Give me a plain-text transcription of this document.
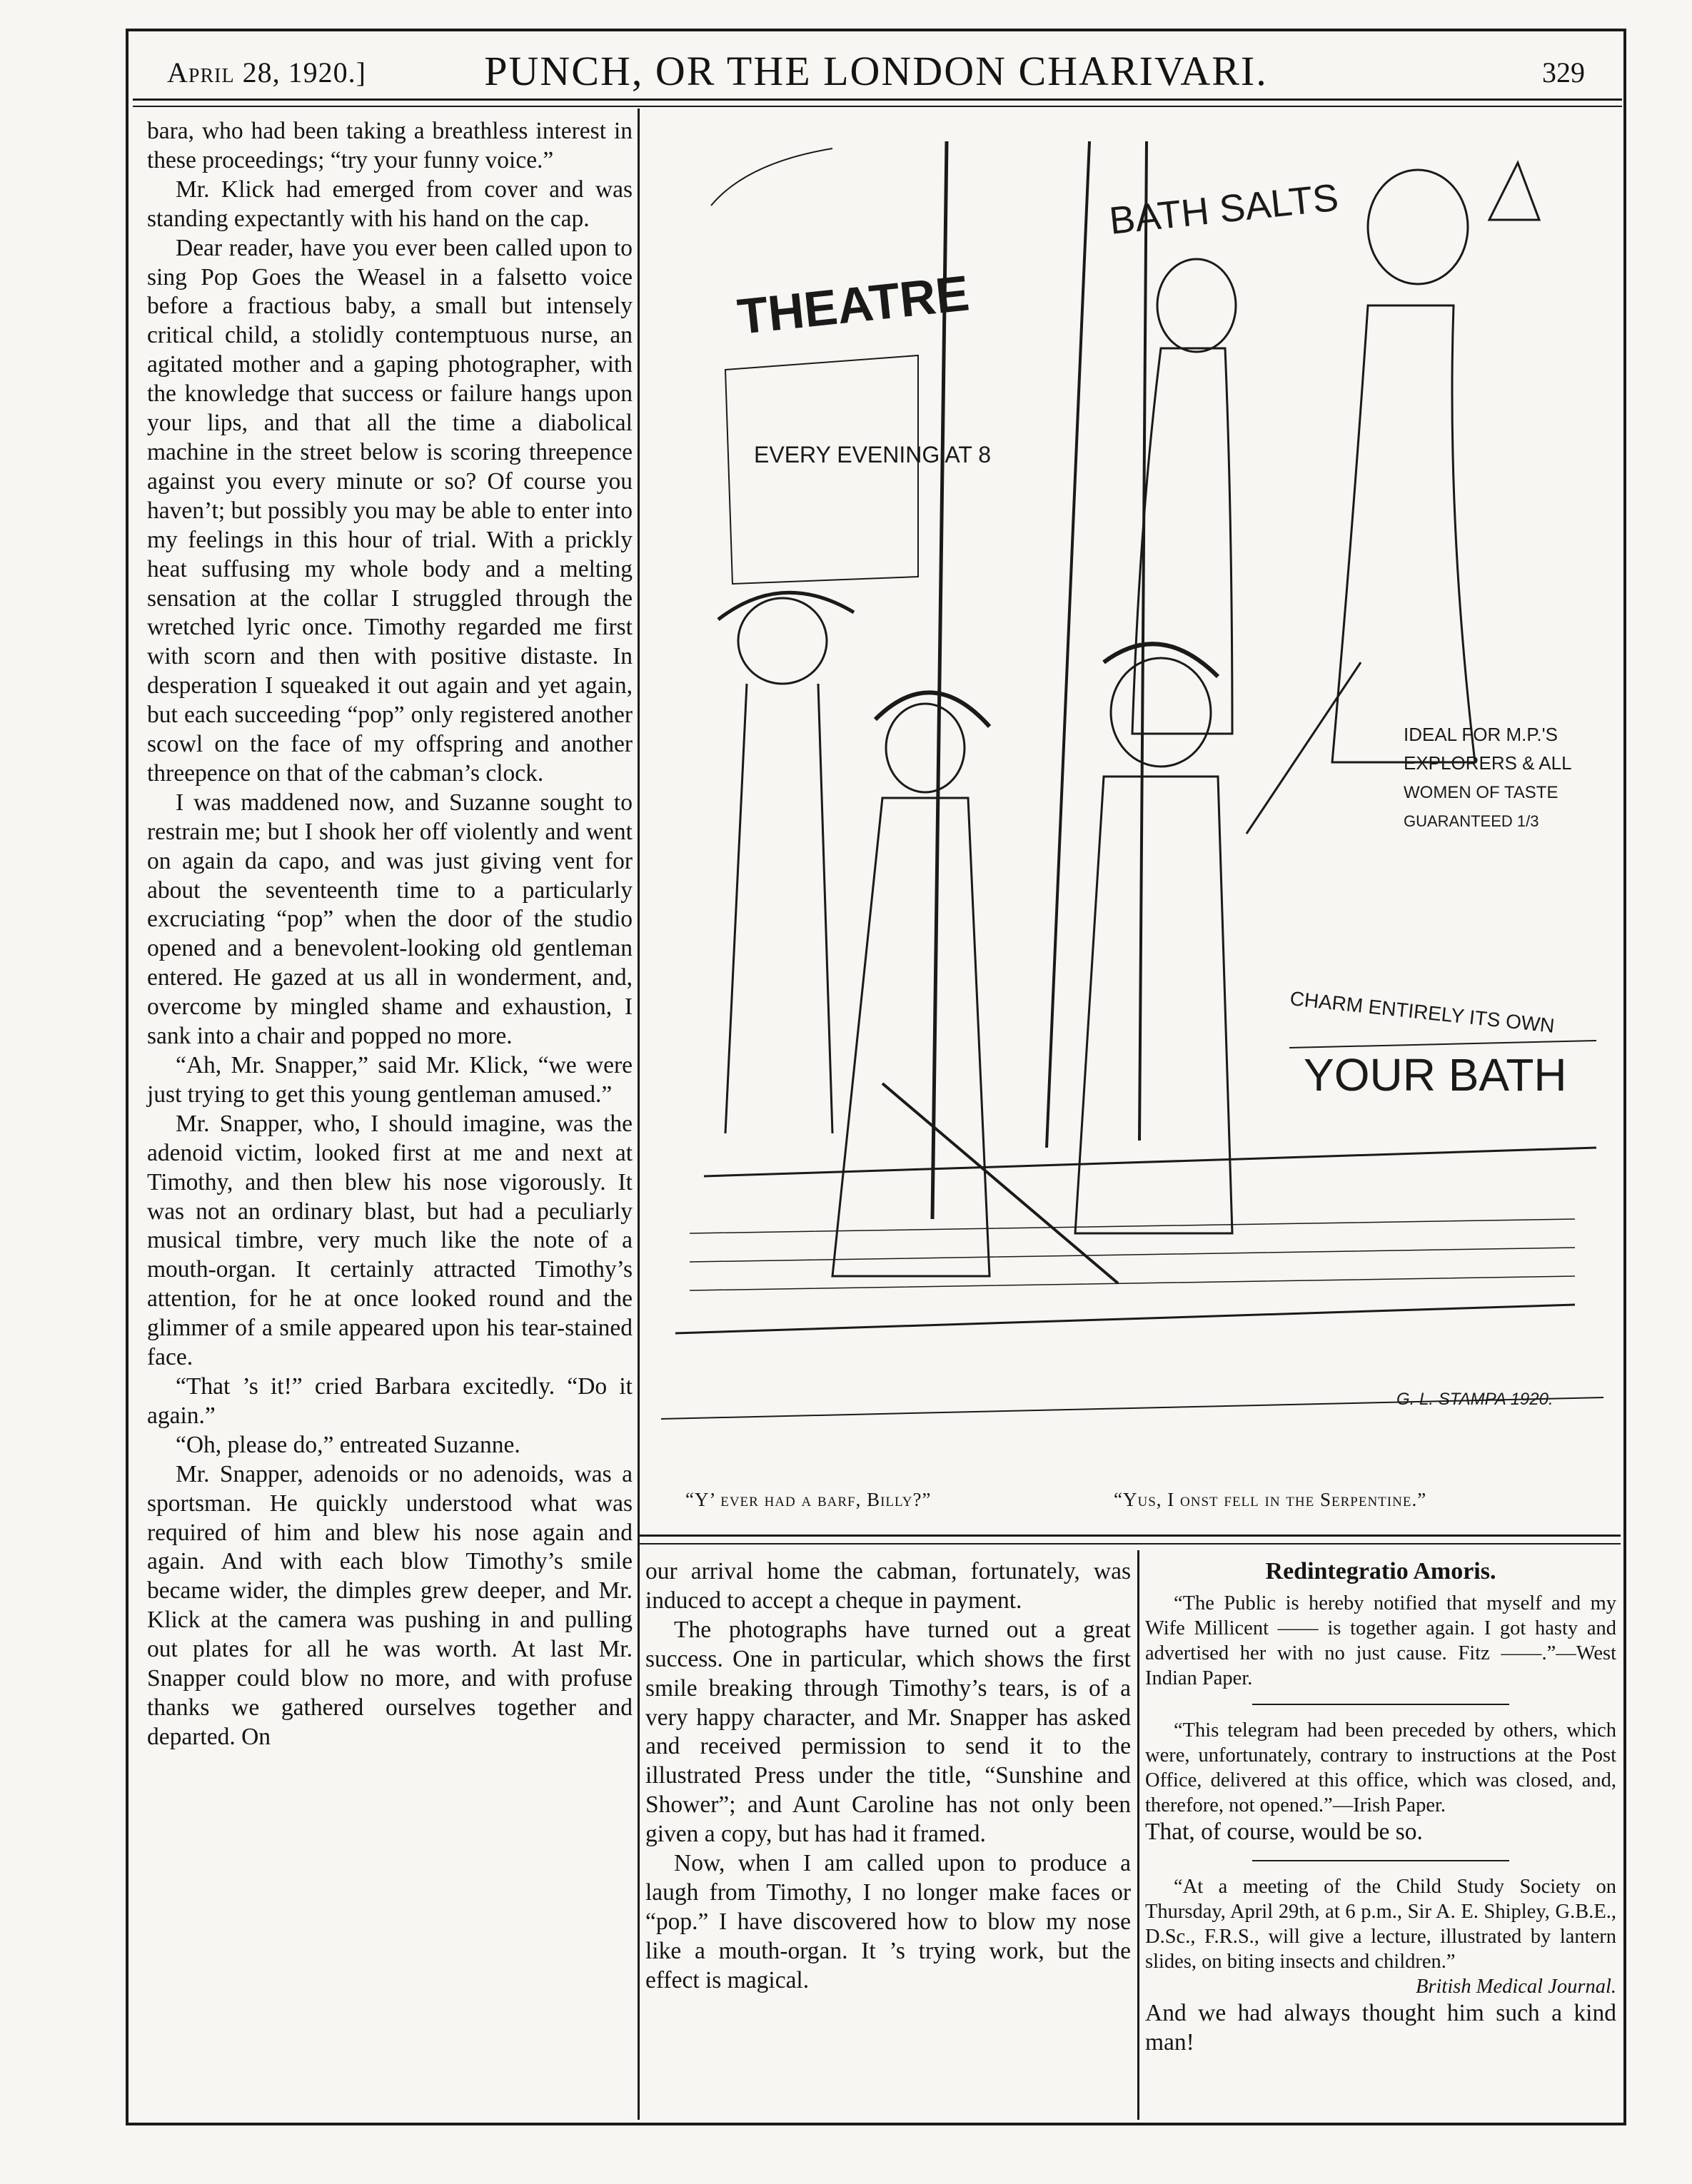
April 28, 1920.]	PUNCH, OR THE LONDON CHARIVARI.	329

bara, who had been taking a breathless interest in these proceedings; “try your funny voice.”

Mr. Klick had emerged from cover and was standing expectantly with his hand on the cap.

Dear reader, have you ever been called upon to sing Pop Goes the Weasel in a falsetto voice before a fractious baby, a small but intensely critical child, a stolidly contemptuous nurse, an agitated mother and a gaping photographer, with the knowledge that success or failure hangs upon your lips, and that all the time a diabolical machine in the street below is scoring threepence against you every minute or so? Of course you haven’t; but possibly you may be able to enter into my feelings in this hour of trial. With a prickly heat suffusing my whole body and a melting sensation at the collar I struggled through the wretched lyric once. Timothy regarded me first with scorn and then with positive distaste. In desperation I squeaked it out again and yet again, but each succeeding “pop” only registered another scowl on the face of my offspring and another threepence on that of the cabman’s clock.

I was maddened now, and Suzanne sought to restrain me; but I shook her off violently and went on again da capo, and was just giving vent for about the seventeenth time to a particularly excruciating “pop” when the door of the studio opened and a benevolent-looking old gentleman entered. He gazed at us all in wonderment, and, overcome by mingled shame and exhaustion, I sank into a chair and popped no more.

“Ah, Mr. Snapper,” said Mr. Klick, “we were just trying to get this young gentleman amused.”

Mr. Snapper, who, I should imagine, was the adenoid victim, looked first at me and next at Timothy, and then blew his nose vigorously. It was not an ordinary blast, but had a peculiarly musical timbre, very much like the note of a mouth-organ. It certainly attracted Timothy’s attention, for he at once looked round and the glimmer of a smile appeared upon his tear-stained face.

“That ’s it!” cried Barbara excitedly. “Do it again.”

“Oh, please do,” entreated Suzanne.

Mr. Snapper, adenoids or no adenoids, was a sportsman. He quickly understood what was required of him and blew his nose again and again. And with each blow Timothy’s smile became wider, the dimples grew deeper, and Mr. Klick at the camera was pushing in and pulling out plates for all he was worth. At last Mr. Snapper could blow no more, and with profuse thanks we gathered ourselves together and departed. On

BATH SALTS
THEATRE
EVERY EVENING AT 8
IDEAL FOR M.P.'S
EXPLORERS & ALL
WOMEN OF TASTE
GUARANTEED 1/3
CHARM ENTIRELY ITS OWN
YOUR BATH
G. L. STAMPA 1920.
“Y’ ever had a barf, Billy?”	“Yus, I onst fell in the Serpentine.”

our arrival home the cabman, fortunately, was induced to accept a cheque in payment.

The photographs have turned out a great success. One in particular, which shows the first smile breaking through Timothy’s tears, is of a very happy character, and Mr. Snapper has asked and received permission to send it to the illustrated Press under the title, “Sunshine and Shower”; and Aunt Caroline has not only been given a copy, but has had it framed.

Now, when I am called upon to produce a laugh from Timothy, I no longer make faces or “pop.” I have discovered how to blow my nose like a mouth-organ. It ’s trying work, but the effect is magical.

Redintegratio Amoris.

“The Public is hereby notified that myself and my Wife Millicent —— is together again. I got hasty and advertised her with no just cause. Fitz ——.”—West Indian Paper.

“This telegram had been preceded by others, which were, unfortunately, contrary to instructions at the Post Office, delivered at this office, which was closed, and, therefore, not opened.”—Irish Paper.

That, of course, would be so.

“At a meeting of the Child Study Society on Thursday, April 29th, at 6 p.m., Sir A. E. Shipley, G.B.E., D.Sc., F.R.S., will give a lecture, illustrated by lantern slides, on biting insects and children.”

British Medical Journal.

And we had always thought him such a kind man!
